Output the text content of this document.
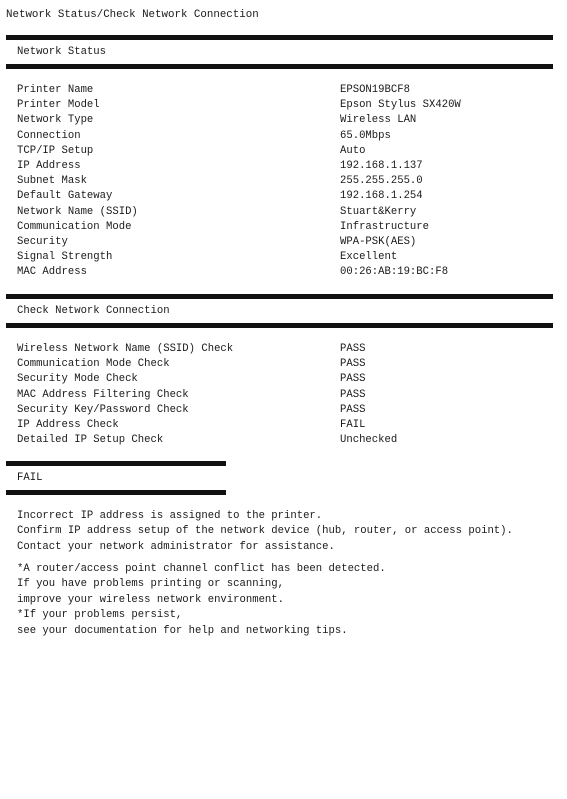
Network Status/Check Network Connection
Network Status
Printer Name	EPSON19BCF8
Printer Model	Epson Stylus SX420W
Network Type	Wireless LAN
Connection	65.0Mbps
TCP/IP Setup	Auto
IP Address	192.168.1.137
Subnet Mask	255.255.255.0
Default Gateway	192.168.1.254
Network Name (SSID)	Stuart&Kerry
Communication Mode	Infrastructure
Security	WPA-PSK(AES)
Signal Strength	Excellent
MAC Address	00:26:AB:19:BC:F8
Check Network Connection
Wireless Network Name (SSID) Check	PASS
Communication Mode Check	PASS
Security Mode Check	PASS
MAC Address Filtering Check	PASS
Security Key/Password Check	PASS
IP Address Check	FAIL
Detailed IP Setup Check	Unchecked
FAIL
Incorrect IP address is assigned to the printer.
Confirm IP address setup of the network device (hub, router, or access point).
Contact your network administrator for assistance.
*A router/access point channel conflict has been detected.
If you have problems printing or scanning,
improve your wireless network environment.
*If your problems persist,
see your documentation for help and networking tips.
